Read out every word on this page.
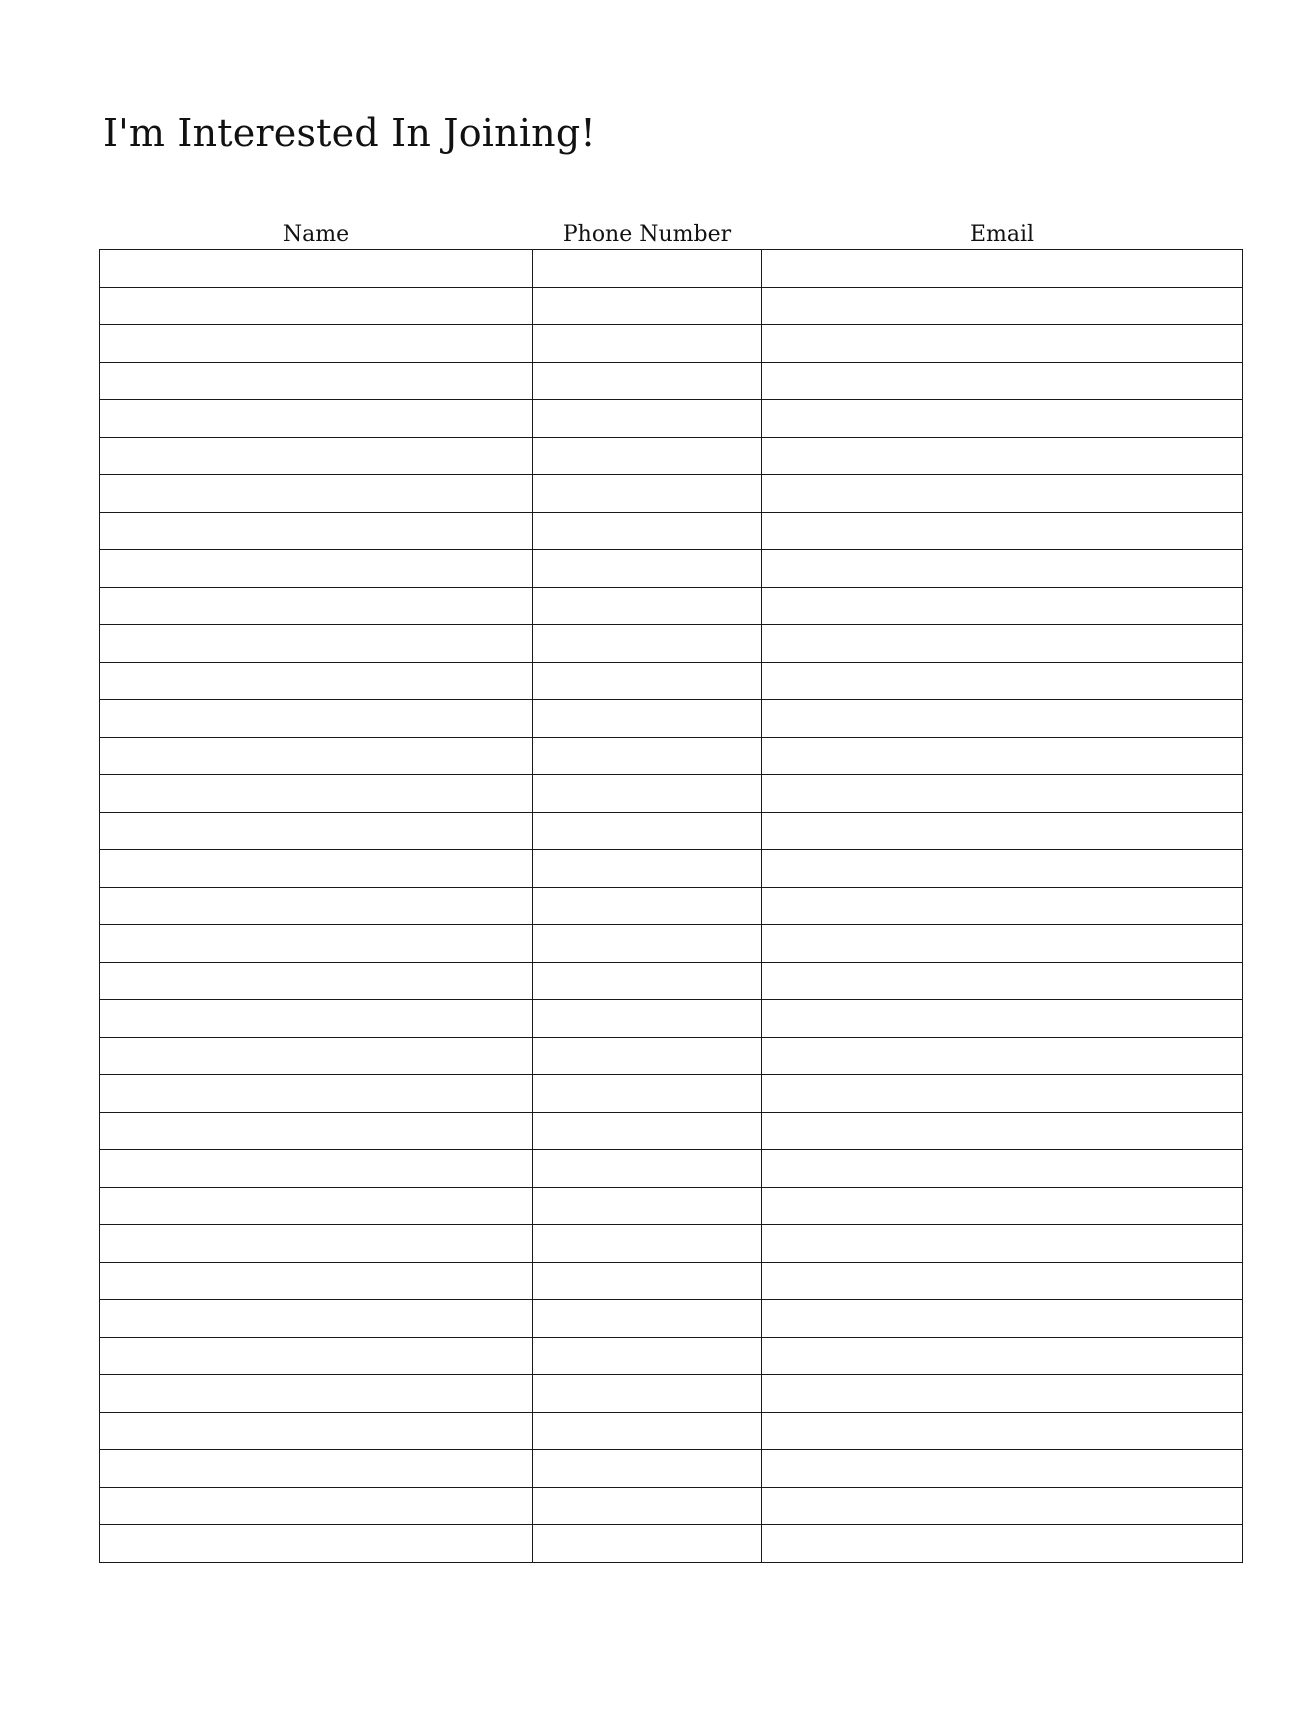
I'm Interested In Joining!
Name	Phone Number	Email
